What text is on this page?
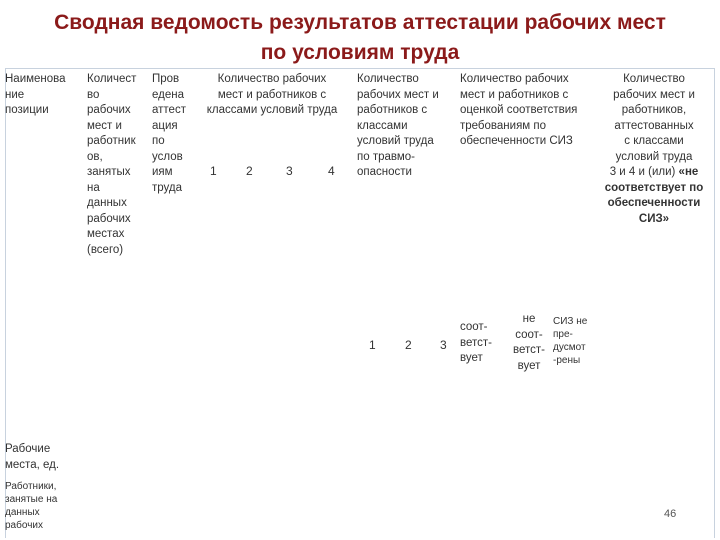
Сводная ведомость результатов аттестации рабочих мест
по условиям труда
Наименова
ние
позиции
Количест
во
рабочих
мест и
работник
ов,
занятых
на
данных
рабочих
местах
(всего)
Пров
едена
аттест
ация
по
услов
иям
труда
Количество рабочих
мест и работников с
классами условий труда
Количество
рабочих мест и
работников с
классами
условий труда
по травмо-
опасности
Количество рабочих
мест и работников с
оценкой соответствия
требованиям по
обеспеченности СИЗ
Количество
рабочих мест и
работников,
аттестованных
с классами
условий труда
3 и 4 и (или) «не
соответствует по
обеспеченности
СИЗ»
1 2	3	4
1 2 3
соот-
ветст-
вует
не
соот-
ветст-
вует
СИЗ не
пре-
дусмот
-рены
Рабочие
места, ед.
Работники,
занятые на
данных
рабочих
46
